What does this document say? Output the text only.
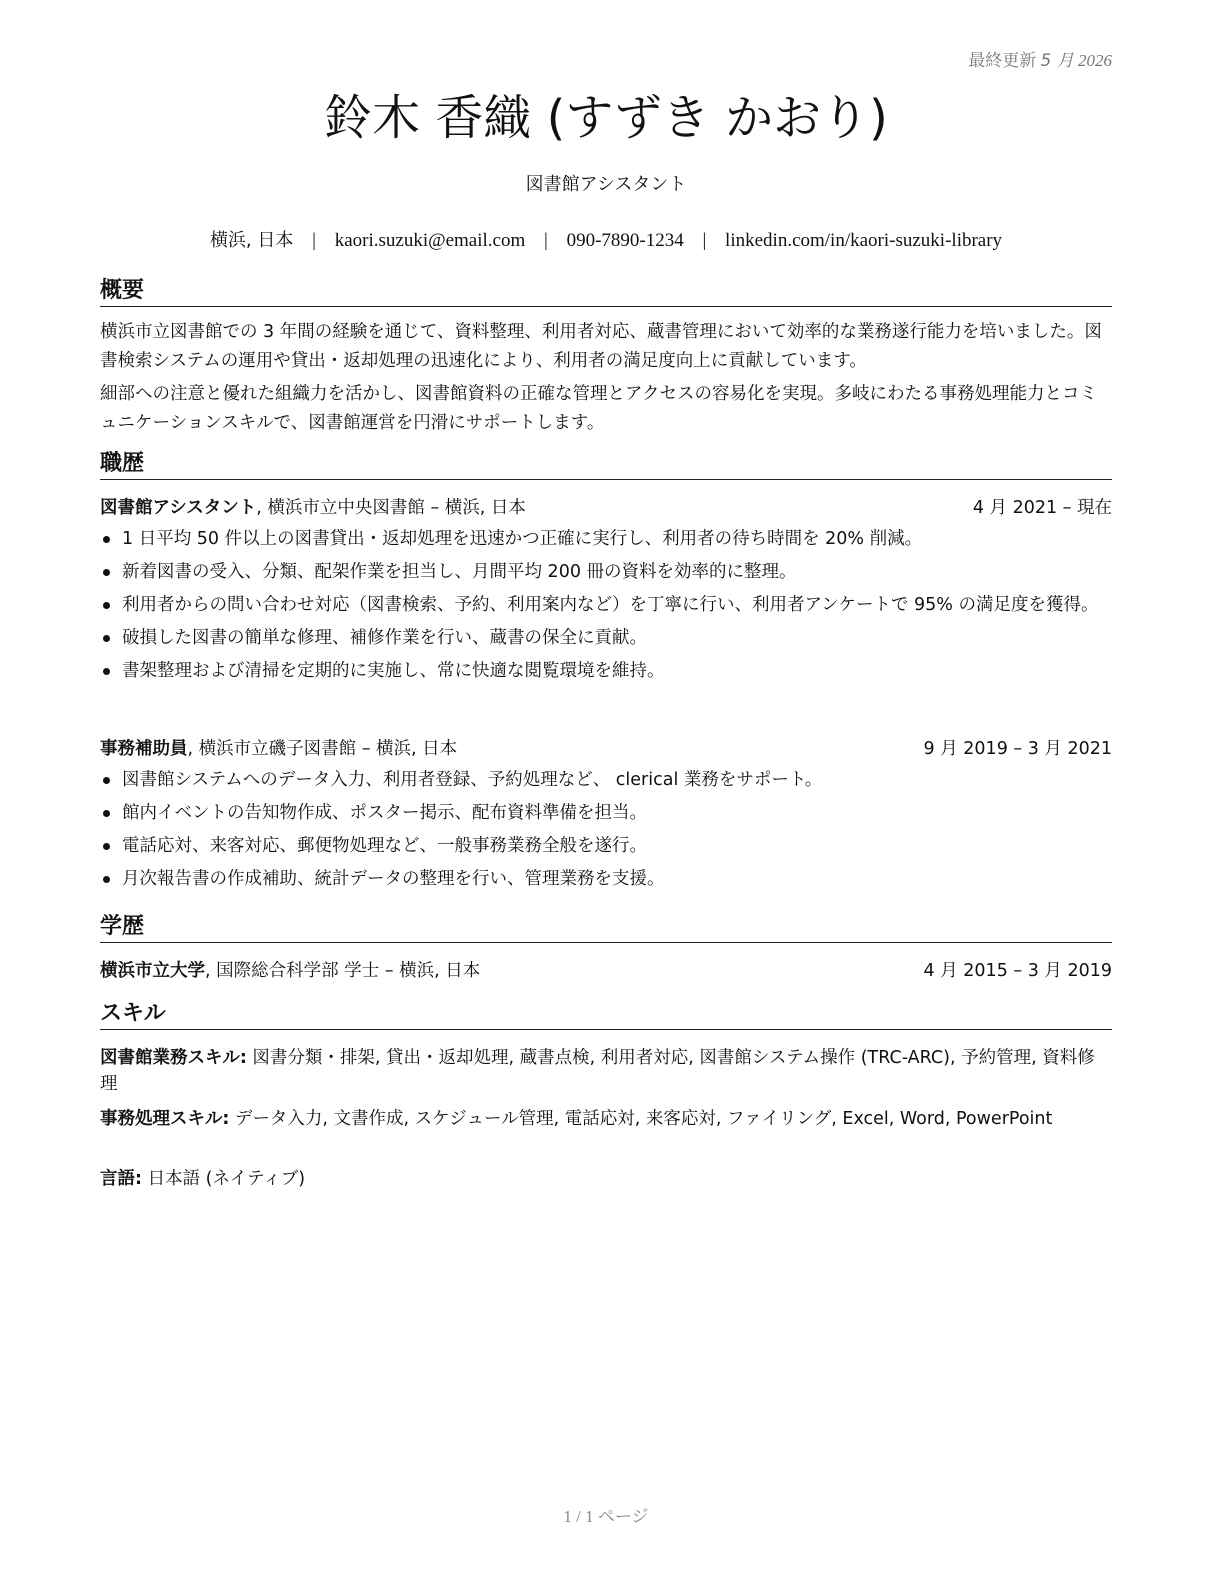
最終更新 5 月 2026
鈴木 香織 (すずき かおり)
図書館アシスタント
横浜, 日本 | kaori.suzuki@email.com | 090-7890-1234 | linkedin.com/in/kaori-suzuki-library
概要
横浜市立図書館での 3 年間の経験を通じて、資料整理、利用者対応、蔵書管理において効率的な業務遂行能力を培いました。図書検索システムの運用や貸出・返却処理の迅速化により、利用者の満足度向上に貢献しています。
細部への注意と優れた組織力を活かし、図書館資料の正確な管理とアクセスの容易化を実現。多岐にわたる事務処理能力とコミュニケーションスキルで、図書館運営を円滑にサポートします。
職歴
図書館アシスタント, 横浜市立中央図書館 – 横浜, 日本	4 月 2021 – 現在
1 日平均 50 件以上の図書貸出・返却処理を迅速かつ正確に実行し、利用者の待ち時間を 20% 削減。
新着図書の受入、分類、配架作業を担当し、月間平均 200 冊の資料を効率的に整理。
利用者からの問い合わせ対応（図書検索、予約、利用案内など）を丁寧に行い、利用者アンケートで 95% の満足度を獲得。
破損した図書の簡単な修理、補修作業を行い、蔵書の保全に貢献。
書架整理および清掃を定期的に実施し、常に快適な閲覧環境を維持。
事務補助員, 横浜市立磯子図書館 – 横浜, 日本	9 月 2019 – 3 月 2021
図書館システムへのデータ入力、利用者登録、予約処理など、 clerical 業務をサポート。
館内イベントの告知物作成、ポスター掲示、配布資料準備を担当。
電話応対、来客対応、郵便物処理など、一般事務業務全般を遂行。
月次報告書の作成補助、統計データの整理を行い、管理業務を支援。
学歴
横浜市立大学, 国際総合科学部 学士 – 横浜, 日本	4 月 2015 – 3 月 2019
スキル
図書館業務スキル: 図書分類・排架, 貸出・返却処理, 蔵書点検, 利用者対応, 図書館システム操作 (TRC-ARC), 予約管理, 資料修理
事務処理スキル: データ入力, 文書作成, スケジュール管理, 電話応対, 来客応対, ファイリング, Excel, Word, PowerPoint
言語: 日本語 (ネイティブ)
1 / 1 ページ
